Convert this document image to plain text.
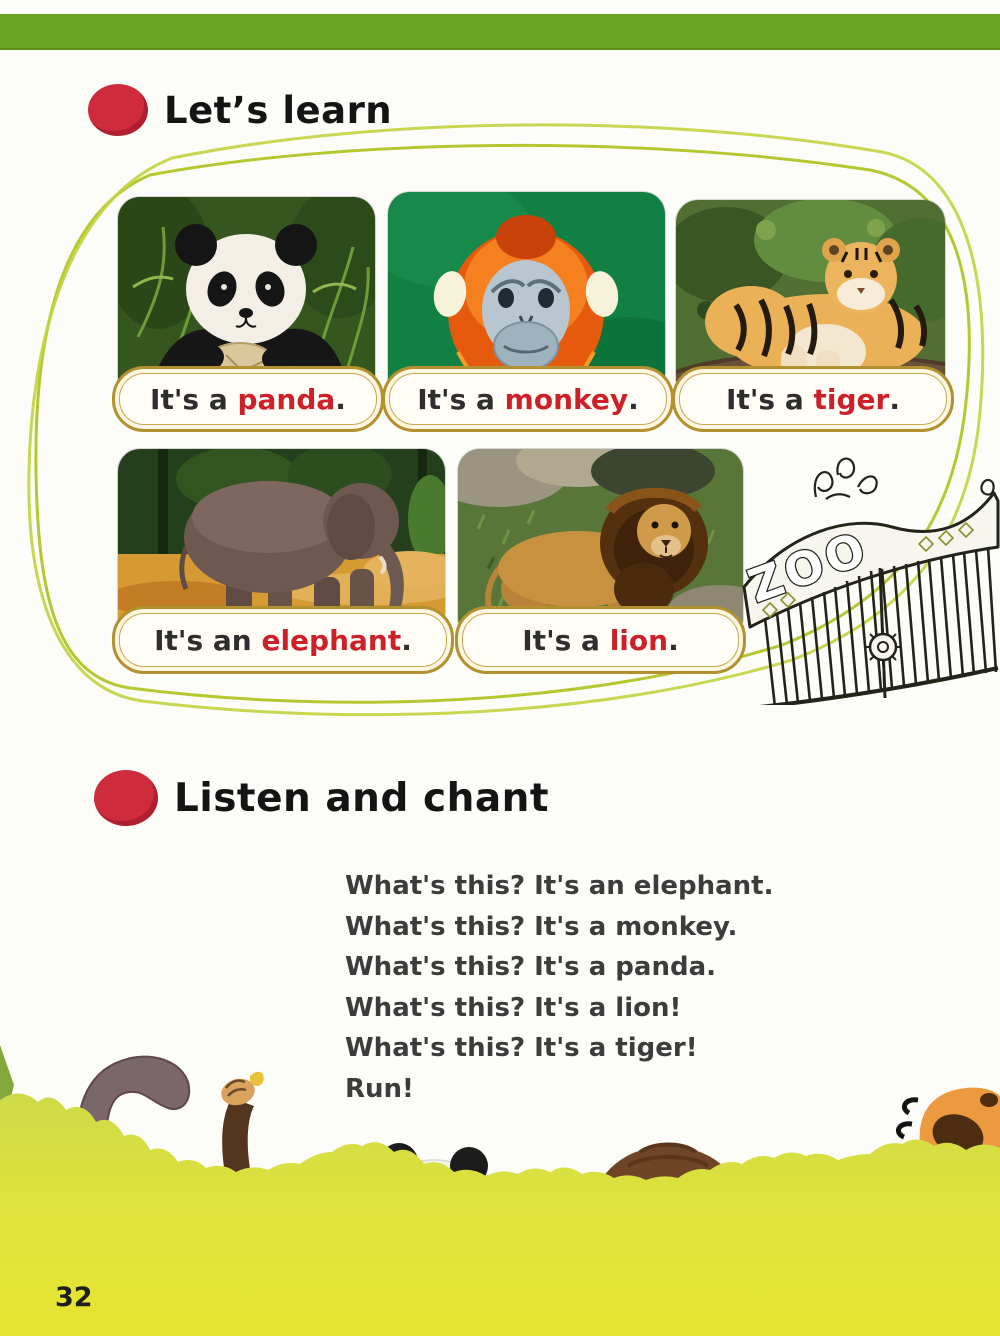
Let’s learn
It's a panda .	It's a monkey .	It's a tiger .
It's an elephant .	It's a lion .
ZOO
Listen and chant

What's this? It's an elephant.

What's this? It's a monkey.

What's this? It's a panda.

What's this? It's a lion!

What's this? It's a tiger!

Run!

32
